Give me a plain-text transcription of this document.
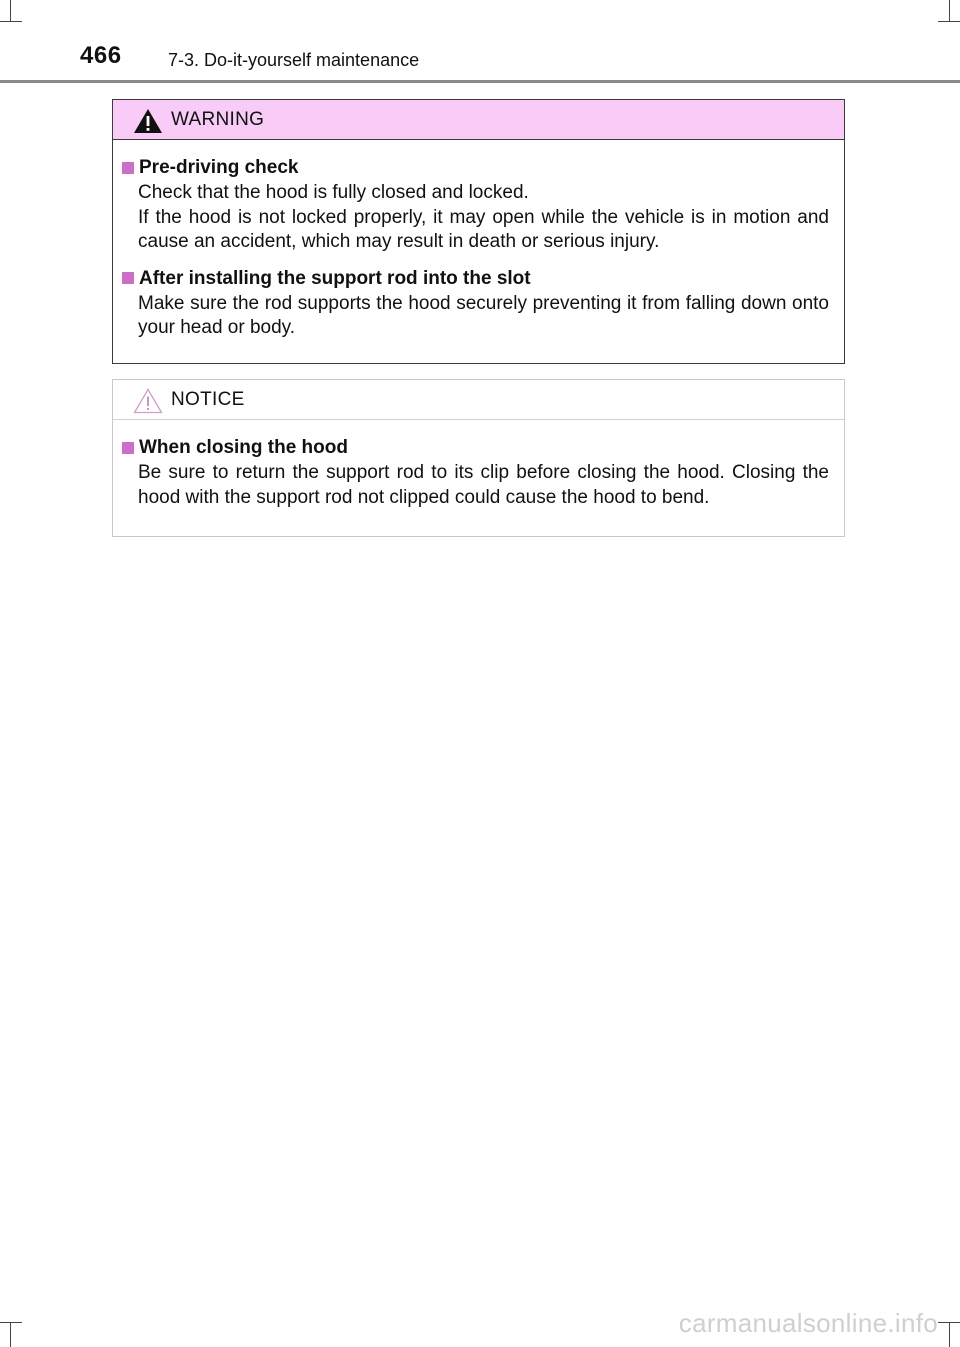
466	7-3. Do-it-yourself maintenance
WARNING
Pre-driving check

Check that the hood is fully closed and locked.

If the hood is not locked properly, it may open while the vehicle is in motion and cause an accident, which may result in death or serious injury.

After installing the support rod into the slot

Make sure the rod supports the hood securely preventing it from falling down onto your head or body.

NOTICE
When closing the hood

Be sure to return the support rod to its clip before closing the hood. Closing the hood with the support rod not clipped could cause the hood to bend.

carmanualsonline.info
